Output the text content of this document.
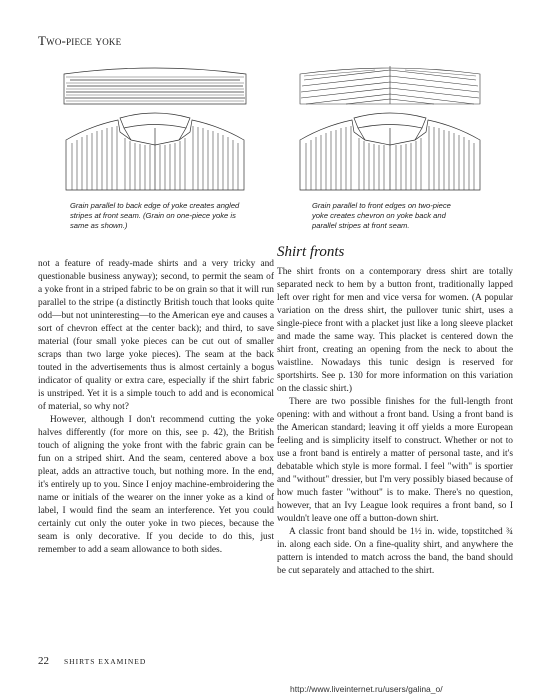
Two-piece yoke
Grain parallel to back edge of yoke creates angled stripes at front seam. (Grain on one-piece yoke is same as shown.)
Grain parallel to front edges on two-piece yoke creates chevron on yoke back and parallel stripes at front seam.

not a feature of ready-made shirts and a very tricky and questionable business anyway); second, to permit the seam of a yoke front in a striped fabric to be on grain so that it will run parallel to the stripe (a distinctly British touch that looks quite odd—but not uninteresting—to the American eye and causes a sort of chevron effect at the center back); and third, to save material (four small yoke pieces can be cut out of smaller scraps than two large yoke pieces). The seam at the back touted in the advertisements thus is almost certainly a bogus indicator of quality or extra care, especially if the shirt fabric is unstriped. Yet it is a simple touch to add and is economical of material, so why not?

However, although I don't recommend cutting the yoke halves differently (for more on this, see p. 42), the British touch of aligning the yoke front with the fabric grain can be fun on a striped shirt. And the seam, centered above a box pleat, adds an attractive touch, but nothing more. In the end, it's entirely up to you. Since I enjoy machine-embroidering the name or initials of the wearer on the inner yoke as a kind of label, I would find the seam an interference. Yet you could certainly cut only the outer yoke in two pieces, because the seam is only decorative. If you decide to do this, just remember to add a seam allowance to both sides.

Shirt fronts

The shirt fronts on a contemporary dress shirt are totally separated neck to hem by a button front, traditionally lapped left over right for men and vice versa for women. (A popular variation on the dress shirt, the pullover tunic shirt, uses a single-piece front with a placket just like a long sleeve placket and made the same way. This placket is centered down the shirt front, creating an opening from the neck to about the waistline. Nowadays this tunic design is reserved for sportshirts. See p. 130 for more information on this variation on the classic shirt.)

There are two possible finishes for the full-length front opening: with and without a front band. Using a front band is the American standard; leaving it off yields a more European feeling and is simplicity itself to construct. Whether or not to use a front band is entirely a matter of personal taste, and it's debatable which style is more formal. I feel "with" is sportier and "without" dressier, but I'm very possibly biased because of how much faster "without" is to make. There's no question, however, that an Ivy League look requires a front band, so I wouldn't leave one off a button-down shirt.

A classic front band should be 1½ in. wide, topstitched ¾ in. along each side. On a fine-quality shirt, and anywhere the pattern is intended to match across the band, the band should be cut separately and attached to the shirt.

22 SHIRTS EXAMINED
http://www.liveinternet.ru/users/galina_o/
